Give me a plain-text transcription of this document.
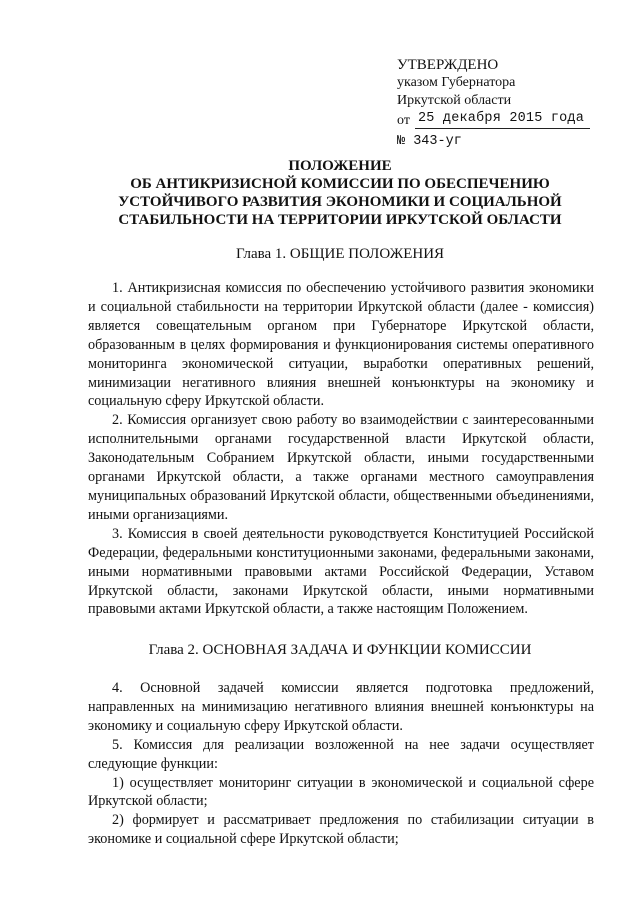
УТВЕРЖДЕНО
указом Губернатора
Иркутской области
от 25 декабря 2015 года
№ 343-уг
ПОЛОЖЕНИЕ
ОБ АНТИКРИЗИСНОЙ КОМИССИИ ПО ОБЕСПЕЧЕНИЮ
УСТОЙЧИВОГО РАЗВИТИЯ ЭКОНОМИКИ И СОЦИАЛЬНОЙ
СТАБИЛЬНОСТИ НА ТЕРРИТОРИИ ИРКУТСКОЙ ОБЛАСТИ
Глава 1. ОБЩИЕ ПОЛОЖЕНИЯ

1. Антикризисная комиссия по обеспечению устойчивого развития экономики и социальной стабильности на территории Иркутской области (далее - комиссия) является совещательным органом при Губернаторе Иркутской области, образованным в целях формирования и функционирования системы оперативного мониторинга экономической ситуации, выработки оперативных решений, минимизации негативного влияния внешней конъюнктуры на экономику и социальную сферу Иркутской области.

2. Комиссия организует свою работу во взаимодействии с заинтересованными исполнительными органами государственной власти Иркутской области, Законодательным Собранием Иркутской области, иными государственными органами Иркутской области, а также органами местного самоуправления муниципальных образований Иркутской области, общественными объединениями, иными организациями.

3. Комиссия в своей деятельности руководствуется Конституцией Российской Федерации, федеральными конституционными законами, федеральными законами, иными нормативными правовыми актами Российской Федерации, Уставом Иркутской области, законами Иркутской области, иными нормативными правовыми актами Иркутской области, а также настоящим Положением.

Глава 2. ОСНОВНАЯ ЗАДАЧА И ФУНКЦИИ КОМИССИИ

4. Основной задачей комиссии является подготовка предложений, направленных на минимизацию негативного влияния внешней конъюнктуры на экономику и социальную сферу Иркутской области.

5. Комиссия для реализации возложенной на нее задачи осуществляет следующие функции:

1) осуществляет мониторинг ситуации в экономической и социальной сфере Иркутской области;

2) формирует и рассматривает предложения по стабилизации ситуации в экономике и социальной сфере Иркутской области;
